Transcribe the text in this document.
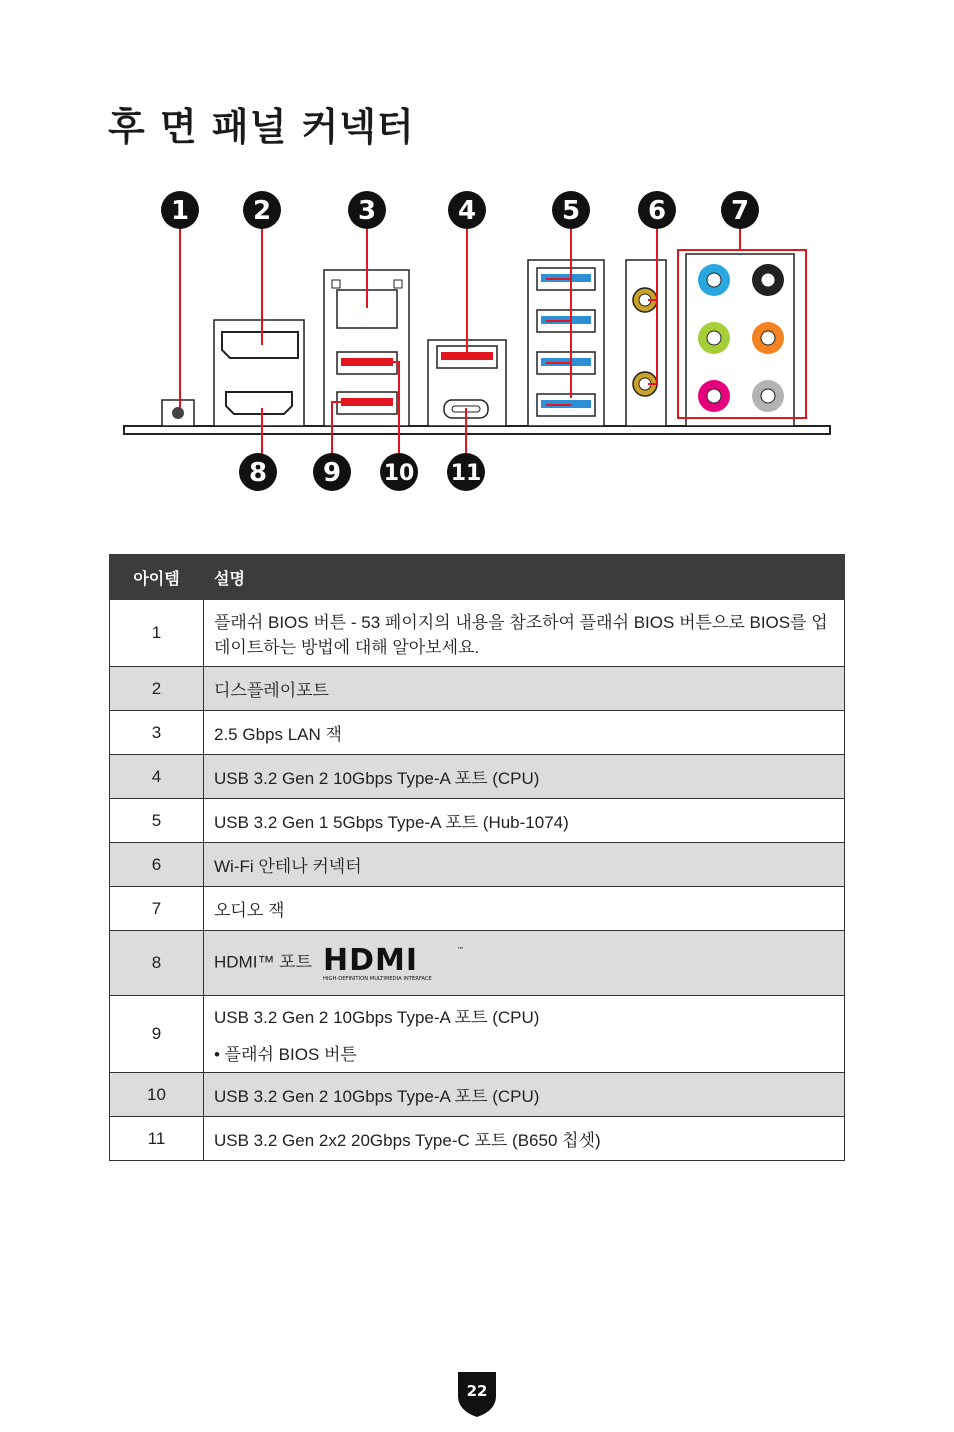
후 면 패널 커넥터
1 2	3	4	5	6 7
8 9 10 11
아이템	설명
1	플래쉬 BIOS 버튼 - 53 페이지의 내용을 참조하여 플래쉬 BIOS 버튼으로 BIOS를 업데이트하는 방법에 대해 알아보세요.
2	디스플레이포트
3	2.5 Gbps LAN 잭
4	USB 3.2 Gen 2 10Gbps Type-A 포트 (CPU)
5	USB 3.2 Gen 1 5Gbps Type-A 포트 (Hub-1074)
6	Wi-Fi 안테나 커넥터
7	오디오 잭
8	HDMI™ 포트 HDMI ™
HIGH-DEFINITION MULTIMEDIA INTERFACE

9	USB 3.2 Gen 2 10Gbps Type-A 포트 (CPU)
• 플래쉬 BIOS 버튼

10	USB 3.2 Gen 2 10Gbps Type-A 포트 (CPU)
11	USB 3.2 Gen 2x2 20Gbps Type-C 포트 (B650 칩셋)
22
